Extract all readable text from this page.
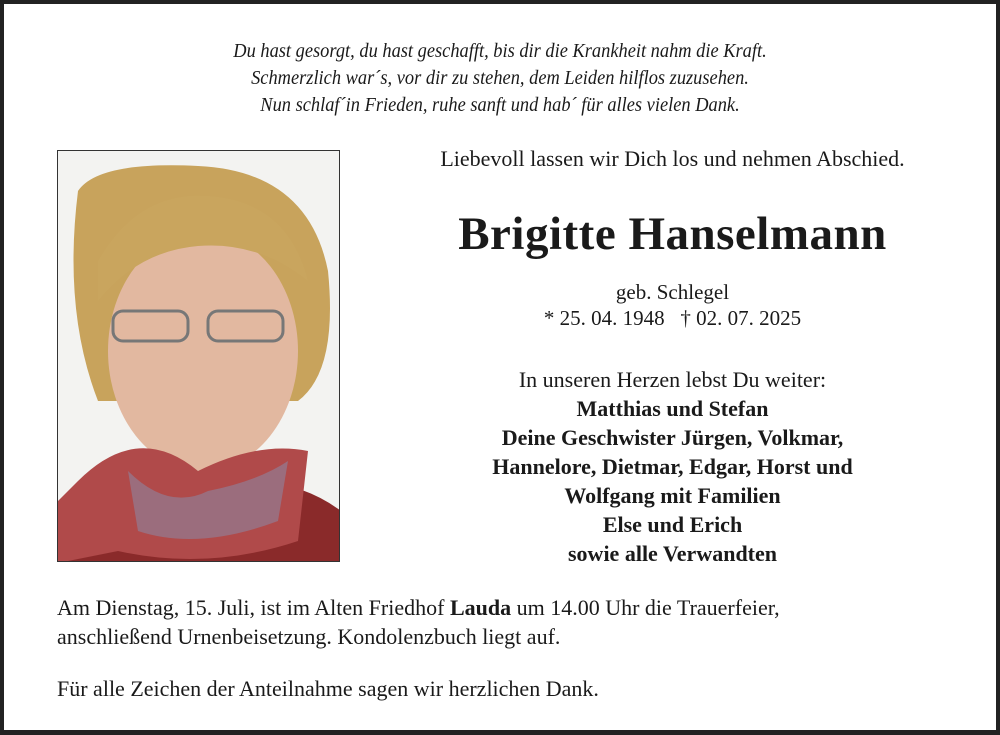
Du hast gesorgt, du hast geschafft, bis dir die Krankheit nahm die Kraft.
Schmerzlich war´s, vor dir zu stehen, dem Leiden hilflos zuzusehen.
Nun schlaf´in Frieden, ruhe sanft und hab´ für alles vielen Dank.
Liebevoll lassen wir Dich los und nehmen Abschied.
Brigitte Hanselmann
geb. Schlegel
* 25. 04. 1948 † 02. 07. 2025
In unseren Herzen lebst Du weiter:
Matthias und Stefan
Deine Geschwister Jürgen, Volkmar,
Hannelore, Dietmar, Edgar, Horst und
Wolfgang mit Familien
Else und Erich
sowie alle Verwandten
Am Dienstag, 15. Juli, ist im Alten Friedhof Lauda um 14.00 Uhr die Trauerfeier,
anschließend Urnenbeisetzung. Kondolenzbuch liegt auf.
Für alle Zeichen der Anteilnahme sagen wir herzlichen Dank.
